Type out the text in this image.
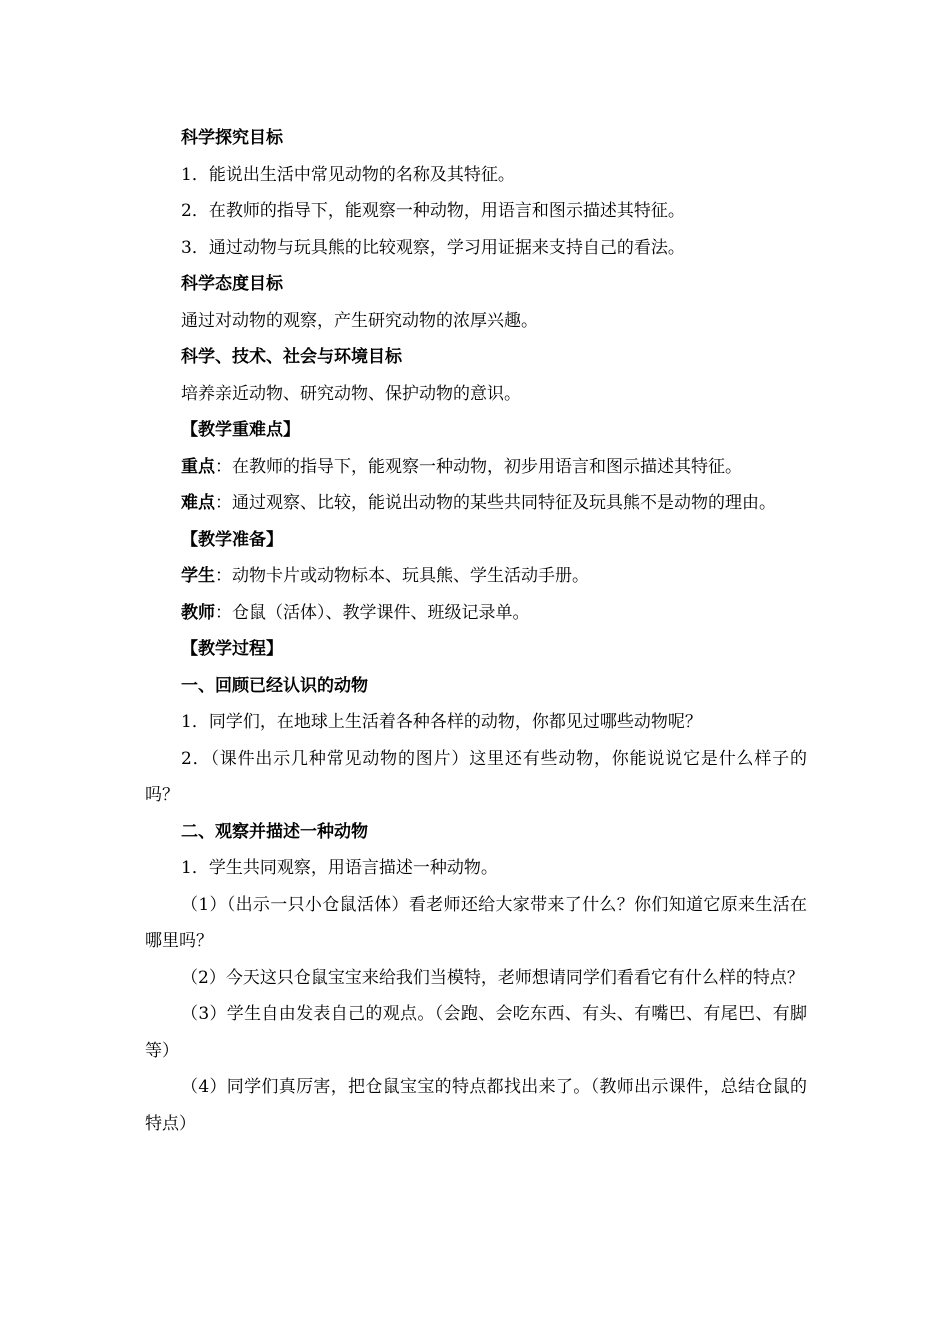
科学探究目标

1．能说出生活中常见动物的名称及其特征。

2．在教师的指导下，能观察一种动物，用语言和图示描述其特征。

3．通过动物与玩具熊的比较观察，学习用证据来支持自己的看法。

科学态度目标

通过对动物的观察，产生研究动物的浓厚兴趣。

科学、技术、社会与环境目标

培养亲近动物、研究动物、保护动物的意识。

【教学重难点】

重点：在教师的指导下，能观察一种动物，初步用语言和图示描述其特征。

难点：通过观察、比较，能说出动物的某些共同特征及玩具熊不是动物的理由。

【教学准备】

学生：动物卡片或动物标本、玩具熊、学生活动手册。

教师：仓鼠（活体）、教学课件、班级记录单。

【教学过程】

一、回顾已经认识的动物

1．同学们，在地球上生活着各种各样的动物，你都见过哪些动物呢？

2．（课件出示几种常见动物的图片）这里还有些动物，你能说说它是什么样子的吗？

二、观察并描述一种动物

1．学生共同观察，用语言描述一种动物。

（1）（出示一只小仓鼠活体）看老师还给大家带来了什么？你们知道它原来生活在哪里吗？

（2）今天这只仓鼠宝宝来给我们当模特，老师想请同学们看看它有什么样的特点？

（3）学生自由发表自己的观点。（会跑、会吃东西、有头、有嘴巴、有尾巴、有脚等）

（4）同学们真厉害，把仓鼠宝宝的特点都找出来了。（教师出示课件，总结仓鼠的特点）
